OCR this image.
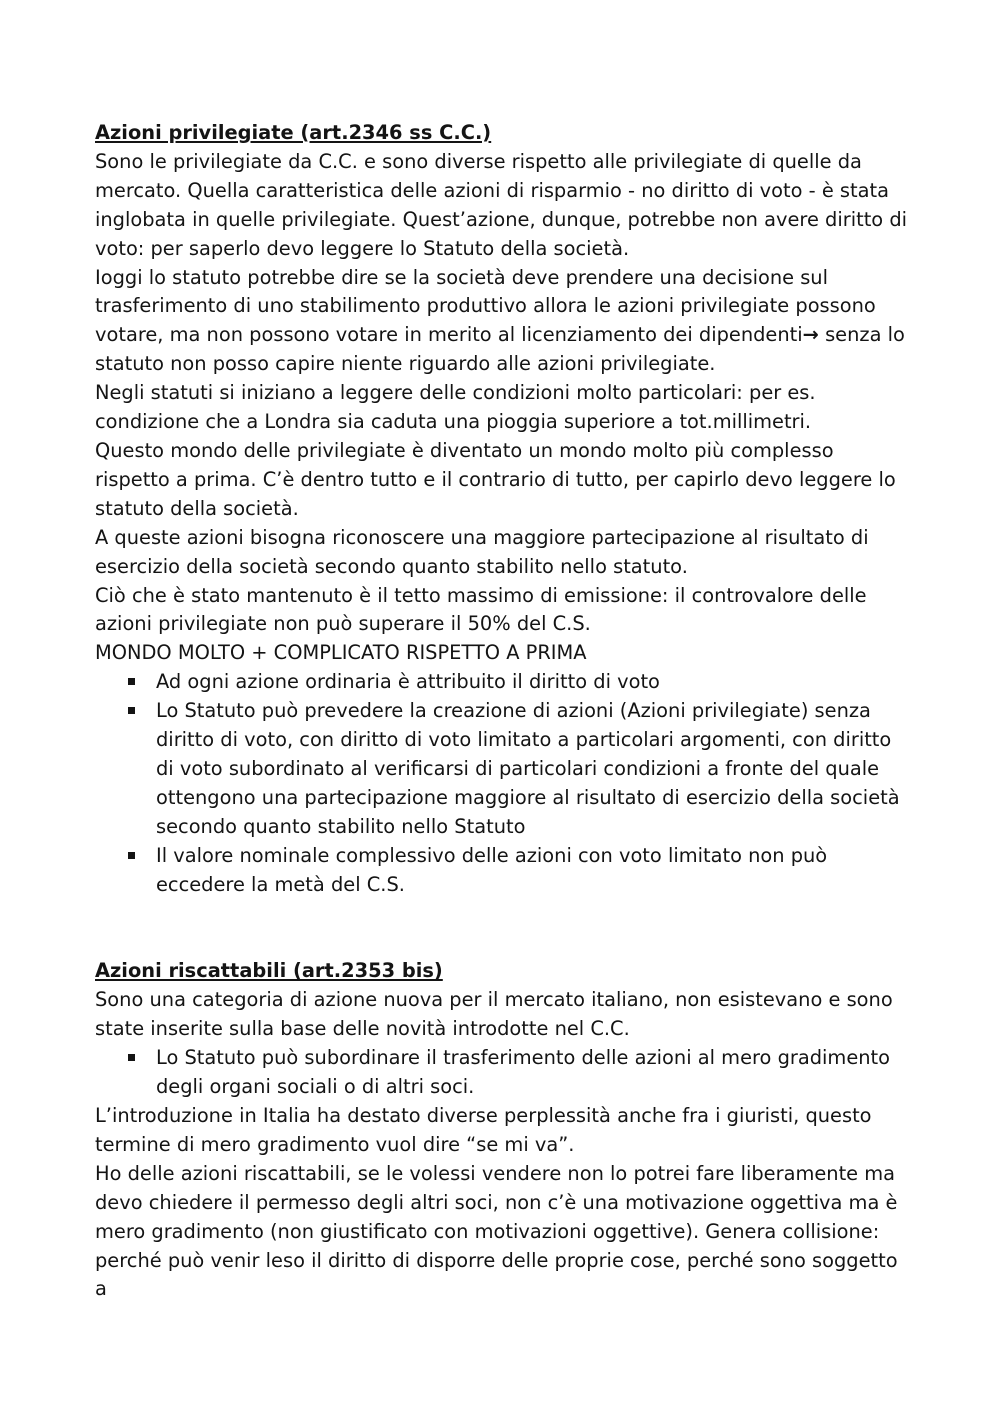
Azioni privilegiate (art.2346 ss C.C.)

Sono le privilegiate da C.C. e sono diverse rispetto alle privilegiate di quelle da mercato. Quella caratteristica delle azioni di risparmio - no diritto di voto - è stata inglobata in quelle privilegiate. Quest’azione, dunque, potrebbe non avere diritto di voto: per saperlo devo leggere lo Statuto della società.

Ioggi lo statuto potrebbe dire se la società deve prendere una decisione sul trasferimento di uno stabilimento produttivo allora le azioni privilegiate possono votare, ma non possono votare in merito al licenziamento dei dipendenti→ senza lo statuto non posso capire niente riguardo alle azioni privilegiate.

Negli statuti si iniziano a leggere delle condizioni molto particolari: per es. condizione che a Londra sia caduta una pioggia superiore a tot.millimetri.

Questo mondo delle privilegiate è diventato un mondo molto più complesso rispetto a prima. C’è dentro tutto e il contrario di tutto, per capirlo devo leggere lo statuto della società.

A queste azioni bisogna riconoscere una maggiore partecipazione al risultato di esercizio della società secondo quanto stabilito nello statuto.

Ciò che è stato mantenuto è il tetto massimo di emissione: il controvalore delle azioni privilegiate non può superare il 50% del C.S.

MONDO MOLTO + COMPLICATO RISPETTO A PRIMA

Ad ogni azione ordinaria è attribuito il diritto di voto
Lo Statuto può prevedere la creazione di azioni (Azioni privilegiate) senza diritto di voto, con diritto di voto limitato a particolari argomenti, con diritto di voto subordinato al verificarsi di particolari condizioni a fronte del quale ottengono una partecipazione maggiore al risultato di esercizio della società secondo quanto stabilito nello Statuto
Il valore nominale complessivo delle azioni con voto limitato non può eccedere la metà del C.S.
Azioni riscattabili (art.2353 bis)

Sono una categoria di azione nuova per il mercato italiano, non esistevano e sono state inserite sulla base delle novità introdotte nel C.C.

Lo Statuto può subordinare il trasferimento delle azioni al mero gradimento degli organi sociali o di altri soci.

L’introduzione in Italia ha destato diverse perplessità anche fra i giuristi, questo termine di mero gradimento vuol dire “se mi va”.

Ho delle azioni riscattabili, se le volessi vendere non lo potrei fare liberamente ma devo chiedere il permesso degli altri soci, non c’è una motivazione oggettiva ma è mero gradimento (non giustificato con motivazioni oggettive). Genera collisione: perché può venir leso il diritto di disporre delle proprie cose, perché sono soggetto a
